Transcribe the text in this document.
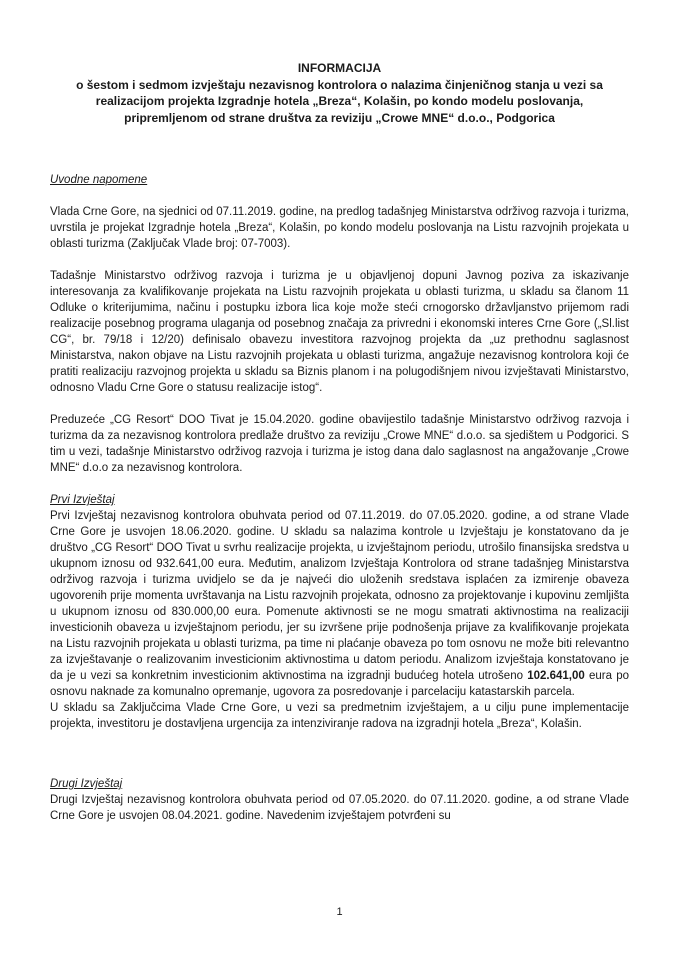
INFORMACIJA
o šestom i sedmom izvještaju nezavisnog kontrolora o nalazima činjeničnog stanja u vezi sa realizacijom projekta Izgradnje hotela „Breza“, Kolašin, po kondo modelu poslovanja, pripremljenom od strane društva za reviziju „Crowe MNE“ d.o.o., Podgorica
Uvodne napomene

Vlada Crne Gore, na sjednici od 07.11.2019. godine, na predlog tadašnjeg Ministarstva održivog razvoja i turizma, uvrstila je projekat Izgradnje hotela „Breza“, Kolašin, po kondo modelu poslovanja na Listu razvojnih projekata u oblasti turizma (Zaključak Vlade broj: 07-7003).

Tadašnje Ministarstvo održivog razvoja i turizma je u objavljenoj dopuni Javnog poziva za iskazivanje interesovanja za kvalifikovanje projekata na Listu razvojnih projekata u oblasti turizma, u skladu sa članom 11 Odluke o kriterijumima, načinu i postupku izbora lica koje može steći crnogorsko državljanstvo prijemom radi realizacije posebnog programa ulaganja od posebnog značaja za privredni i ekonomski interes Crne Gore („Sl.list CG“, br. 79/18 i 12/20) definisalo obavezu investitora razvojnog projekta da „uz prethodnu saglasnost Ministarstva, nakon objave na Listu razvojnih projekata u oblasti turizma, angažuje nezavisnog kontrolora koji će pratiti realizaciju razvojnog projekta u skladu sa Biznis planom i na polugodišnjem nivou izvještavati Ministarstvo, odnosno Vladu Crne Gore o statusu realizacije istog“.

Preduzeće „CG Resort“ DOO Tivat je 15.04.2020. godine obavijestilo tadašnje Ministarstvo održivog razvoja i turizma da za nezavisnog kontrolora predlaže društvo za reviziju „Crowe MNE“ d.o.o. sa sjedištem u Podgorici. S tim u vezi, tadašnje Ministarstvo održivog razvoja i turizma je istog dana dalo saglasnost na angažovanje „Crowe MNE“ d.o.o za nezavisnog kontrolora.

Prvi Izvještaj

Prvi Izvještaj nezavisnog kontrolora obuhvata period od 07.11.2019. do 07.05.2020. godine, a od strane Vlade Crne Gore je usvojen 18.06.2020. godine. U skladu sa nalazima kontrole u Izvještaju je konstatovano da je društvo „CG Resort“ DOO Tivat u svrhu realizacije projekta, u izvještajnom periodu, utrošilo finansijska sredstva u ukupnom iznosu od 932.641,00 eura. Međutim, analizom Izvještaja Kontrolora od strane tadašnjeg Ministarstva održivog razvoja i turizma uvidjelo se da je najveći dio uloženih sredstava isplaćen za izmirenje obaveza ugovorenih prije momenta uvrštavanja na Listu razvojnih projekata, odnosno za projektovanje i kupovinu zemljišta u ukupnom iznosu od 830.000,00 eura. Pomenute aktivnosti se ne mogu smatrati aktivnostima na realizaciji investicionih obaveza u izvještajnom periodu, jer su izvršene prije podnošenja prijave za kvalifikovanje projekata na Listu razvojnih projekata u oblasti turizma, pa time ni plaćanje obaveza po tom osnovu ne može biti relevantno za izvještavanje o realizovanim investicionim aktivnostima u datom periodu. Analizom izvještaja konstatovano je da je u vezi sa konkretnim investicionim aktivnostima na izgradnji budućeg hotela utrošeno 102.641,00 eura po osnovu naknade za komunalno opremanje, ugovora za posredovanje i parcelaciju katastarskih parcela.

U skladu sa Zaključcima Vlade Crne Gore, u vezi sa predmetnim izvještajem, a u cilju pune implementacije projekta, investitoru je dostavljena urgencija za intenziviranje radova na izgradnji hotela „Breza“, Kolašin.

Drugi Izvještaj

Drugi Izvještaj nezavisnog kontrolora obuhvata period od 07.05.2020. do 07.11.2020. godine, a od strane Vlade Crne Gore je usvojen 08.04.2021. godine. Navedenim izvještajem potvrđeni su

1
